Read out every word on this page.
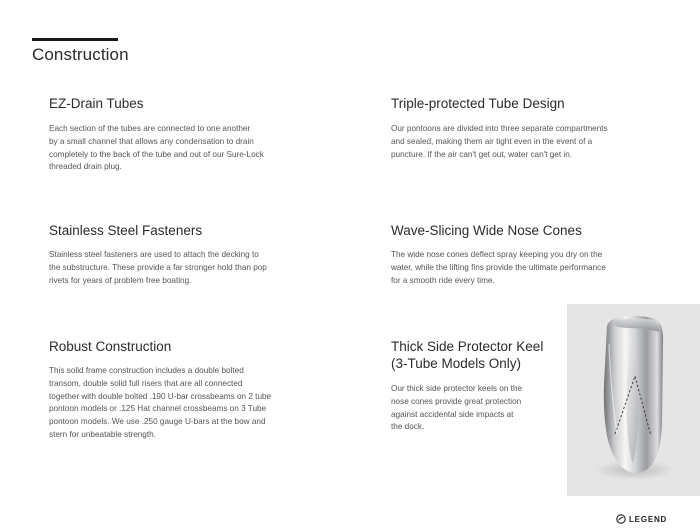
Construction
EZ-Drain Tubes

Each section of the tubes are connected to one another
by a small channel that allows any condensation to drain
completely to the back of the tube and out of our Sure-Lock
threaded drain plug.

Triple-protected Tube Design

Our pontoons are divided into three separate compartments
and sealed, making them air tight even in the event of a
puncture. If the air can't get out, water can't get in.

Stainless Steel Fasteners

Stainless steel fasteners are used to attach the decking to
the substructure. These provide a far stronger hold than pop
rivets for years of problem free boating.

Wave-Slicing Wide Nose Cones

The wide nose cones deflect spray keeping you dry on the
water, while the lifting fins provide the ultimate performance
for a smooth ride every time.

Robust Construction

This solid frame construction includes a double bolted
transom, double solid full risers that are all connected
together with double bolted .190 U-bar crossbeams on 2 tube
pontoon models or .125 Hat channel crossbeams on 3 Tube
pontoon models. We use .250 gauge U-bars at the bow and
stern for unbeatable strength.

Thick Side Protector Keel
(3-Tube Models Only)

Our thick side protector keels on the
nose cones provide great protection
against accidental side impacts at
the dock.

LEGEND
